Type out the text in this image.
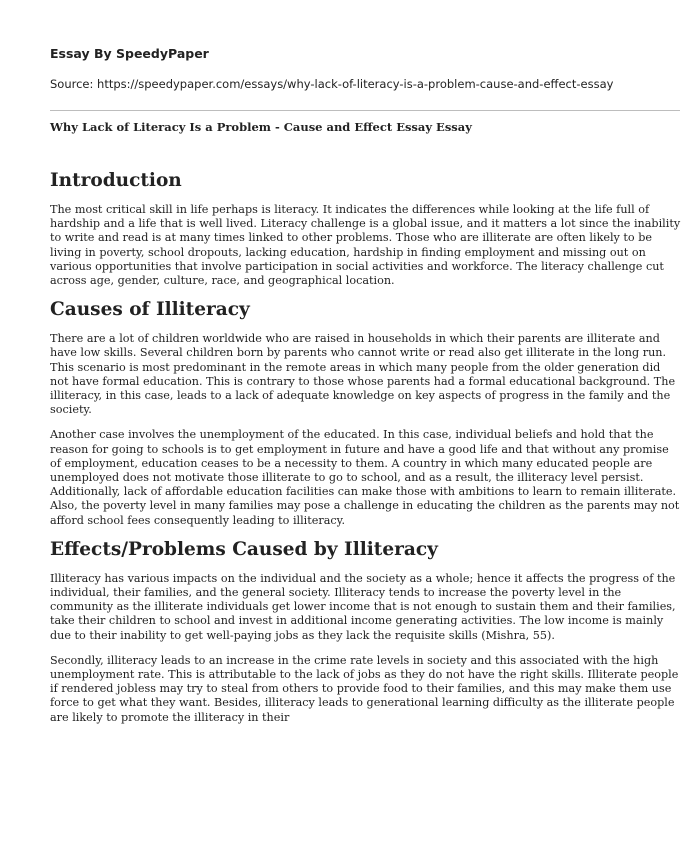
Essay By SpeedyPaper
Source: https://speedypaper.com/essays/why-lack-of-literacy-is-a-problem-cause-and-effect-essay
Why Lack of Literacy Is a Problem - Cause and Effect Essay Essay
Introduction

The most critical skill in life perhaps is literacy. It indicates the differences while looking at the life full of hardship and a life that is well lived. Literacy challenge is a global issue, and it matters a lot since the inability to write and read is at many times linked to other problems. Those who are illiterate are often likely to be living in poverty, school dropouts, lacking education, hardship in finding employment and missing out on various opportunities that involve participation in social activities and workforce. The literacy challenge cut across age, gender, culture, race, and geographical location.

Causes of Illiteracy

There are a lot of children worldwide who are raised in households in which their parents are illiterate and have low skills. Several children born by parents who cannot write or read also get illiterate in the long run. This scenario is most predominant in the remote areas in which many people from the older generation did not have formal education. This is contrary to those whose parents had a formal educational background. The illiteracy, in this case, leads to a lack of adequate knowledge on key aspects of progress in the family and the society.

Another case involves the unemployment of the educated. In this case, individual beliefs and hold that the reason for going to schools is to get employment in future and have a good life and that without any promise of employment, education ceases to be a necessity to them. A country in which many educated people are unemployed does not motivate those illiterate to go to school, and as a result, the illiteracy level persist. Additionally, lack of affordable education facilities can make those with ambitions to learn to remain illiterate. Also, the poverty level in many families may pose a challenge in educating the children as the parents may not afford school fees consequently leading to illiteracy.

Effects/Problems Caused by Illiteracy

Illiteracy has various impacts on the individual and the society as a whole; hence it affects the progress of the individual, their families, and the general society. Illiteracy tends to increase the poverty level in the community as the illiterate individuals get lower income that is not enough to sustain them and their families, take their children to school and invest in additional income generating activities. The low income is mainly due to their inability to get well-paying jobs as they lack the requisite skills (Mishra, 55).

Secondly, illiteracy leads to an increase in the crime rate levels in society and this associated with the high unemployment rate. This is attributable to the lack of jobs as they do not have the right skills. Illiterate people if rendered jobless may try to steal from others to provide food to their families, and this may make them use force to get what they want. Besides, illiteracy leads to generational learning difficulty as the illiterate people are likely to promote the illiteracy in their
